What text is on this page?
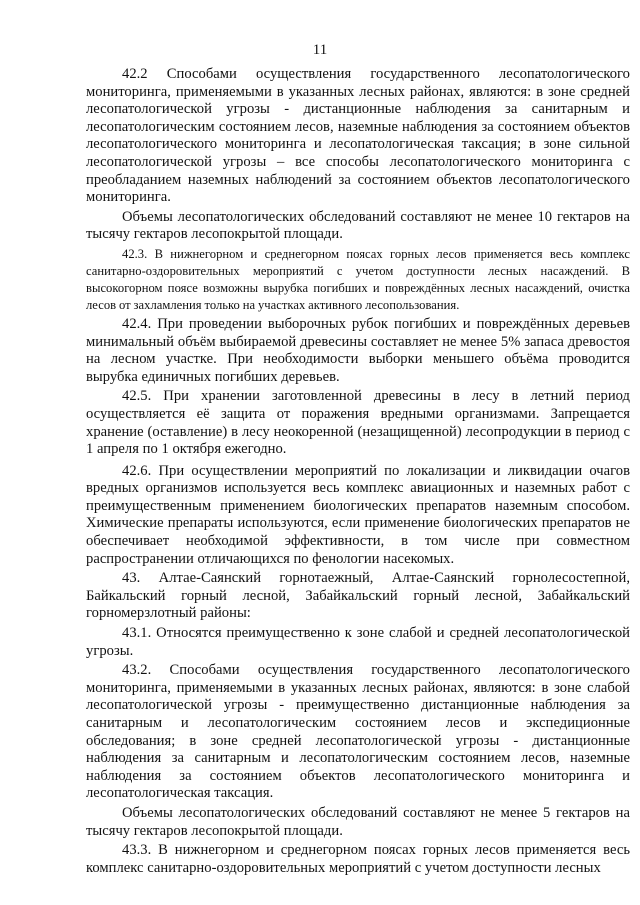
11

42.2 Способами осуществления государственного лесопатологического мониторинга, применяемыми в указанных лесных районах, являются: в зоне средней лесопатологической угрозы - дистанционные наблюдения за санитарным и лесопатологическим состоянием лесов, наземные наблюдения за состоянием объектов лесопатологического мониторинга и лесопатологическая таксация; в зоне сильной лесопатологической угрозы – все способы лесопатологического мониторинга с преобладанием наземных наблюдений за состоянием объектов лесопатологического мониторинга.

Объемы лесопатологических обследований составляют не менее 10 гектаров на тысячу гектаров лесопокрытой площади.

42.3. В нижнегорном и среднегорном поясах горных лесов применяется весь комплекс санитарно-оздоровительных мероприятий с учетом доступности лесных насаждений. В высокогорном поясе возможны вырубка погибших и повреждённых лесных насаждений, очистка лесов от захламления только на участках активного лесопользования.

42.4. При проведении выборочных рубок погибших и повреждённых деревьев минимальный объём выбираемой древесины составляет не менее 5% запаса древостоя на лесном участке. При необходимости выборки меньшего объёма проводится вырубка единичных погибших деревьев.

42.5. При хранении заготовленной древесины в лесу в летний период осуществляется её защита от поражения вредными организмами. Запрещается хранение (оставление) в лесу неокоренной (незащищенной) лесопродукции в период с 1 апреля по 1 октября ежегодно.

42.6. При осуществлении мероприятий по локализации и ликвидации очагов вредных организмов используется весь комплекс авиационных и наземных работ с преимущественным применением биологических препаратов наземным способом. Химические препараты используются, если применение биологических препаратов не обеспечивает необходимой эффективности, в том числе при совместном распространении отличающихся по фенологии насекомых.

43. Алтае-Саянский горнотаежный, Алтае-Саянский горнолесостепной, Байкальский горный лесной, Забайкальский горный лесной, Забайкальский горномерзлотный районы:

43.1. Относятся преимущественно к зоне слабой и средней лесопатологической угрозы.

43.2. Способами осуществления государственного лесопатологического мониторинга, применяемыми в указанных лесных районах, являются: в зоне слабой лесопатологической угрозы - преимущественно дистанционные наблюдения за санитарным и лесопатологическим состоянием лесов и экспедиционные обследования; в зоне средней лесопатологической угрозы - дистанционные наблюдения за санитарным и лесопатологическим состоянием лесов, наземные наблюдения за состоянием объектов лесопатологического мониторинга и лесопатологическая таксация.

Объемы лесопатологических обследований составляют не менее 5 гектаров на тысячу гектаров лесопокрытой площади.

43.3. В нижнегорном и среднегорном поясах горных лесов применяется весь комплекс санитарно-оздоровительных мероприятий с учетом доступности лесных
